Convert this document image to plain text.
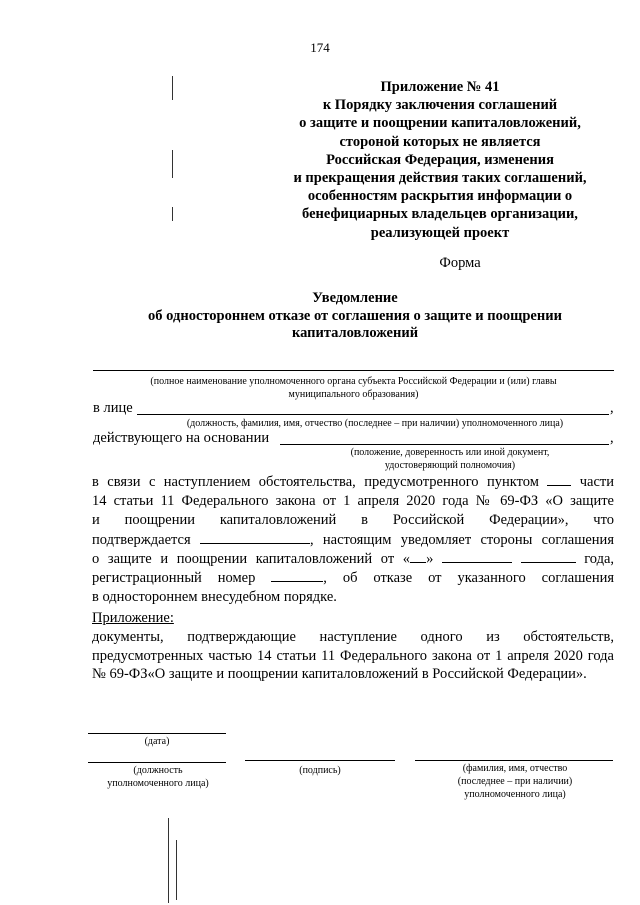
174
Приложение № 41
к Порядку заключения соглашений
о защите и поощрении капиталовложений,
стороной которых не является
Российская Федерация, изменения
и прекращения действия таких соглашений,
особенностям раскрытия информации о
бенефициарных владельцев организации,
реализующей проект
Форма
Уведомление
об одностороннем отказе от соглашения о защите и поощрении
капиталовложений
(полное наименование уполномоченного органа субъекта Российской Федерации и (или) главы
муниципального образования)
в лице	,
(должность, фамилия, имя, отчество (последнее – при наличии) уполномоченного лица)
действующего на основании	,
(положение, доверенность или иной документ,
удостоверяющий полномочия)

в связи с наступлением обстоятельства, предусмотренного пунктом	части

14 статьи 11 Федерального закона от 1 апреля 2020 года № 69-ФЗ «О защите

и поощрении капиталовложений в Российской Федерации», что

подтверждается	, настоящим уведомляет стороны соглашения

о защите и поощрении капиталовложений от « »	года,

регистрационный номер	, об отказе от указанного соглашения

в одностороннем внесудебном порядке.

Приложение:
документы, подтверждающие наступление одного из обстоятельств, предусмотренных частью 14 статьи 11 Федерального закона от 1 апреля 2020 года № 69-ФЗ«О защите и поощрении капиталовложений в Российской Федерации».
(дата)
(должность
уполномоченного лица)
(подпись)	(фамилия, имя, отчество
(последнее – при наличии)
уполномоченного лица)
